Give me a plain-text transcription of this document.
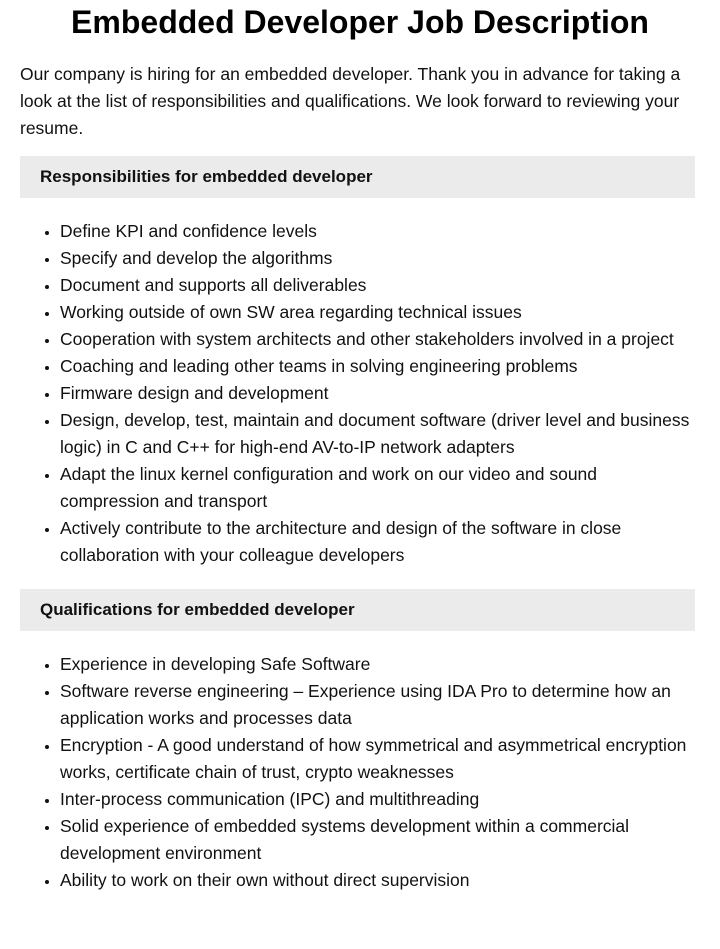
Embedded Developer Job Description

Our company is hiring for an embedded developer. Thank you in advance for taking a look at the list of responsibilities and qualifications. We look forward to reviewing your resume.

Responsibilities for embedded developer
• Define KPI and confidence levels
• Specify and develop the algorithms
• Document and supports all deliverables
• Working outside of own SW area regarding technical issues
• Cooperation with system architects and other stakeholders involved in a project
• Coaching and leading other teams in solving engineering problems
• Firmware design and development
• Design, develop, test, maintain and document software (driver level and business logic) in C and C++ for high-end AV-to-IP network adapters
• Adapt the linux kernel configuration and work on our video and sound compression and transport
• Actively contribute to the architecture and design of the software in close collaboration with your colleague developers
Qualifications for embedded developer
• Experience in developing Safe Software
• Software reverse engineering – Experience using IDA Pro to determine how an application works and processes data
• Encryption - A good understand of how symmetrical and asymmetrical encryption works, certificate chain of trust, crypto weaknesses
• Inter-process communication (IPC) and multithreading
• Solid experience of embedded systems development within a commercial development environment
• Ability to work on their own without direct supervision
